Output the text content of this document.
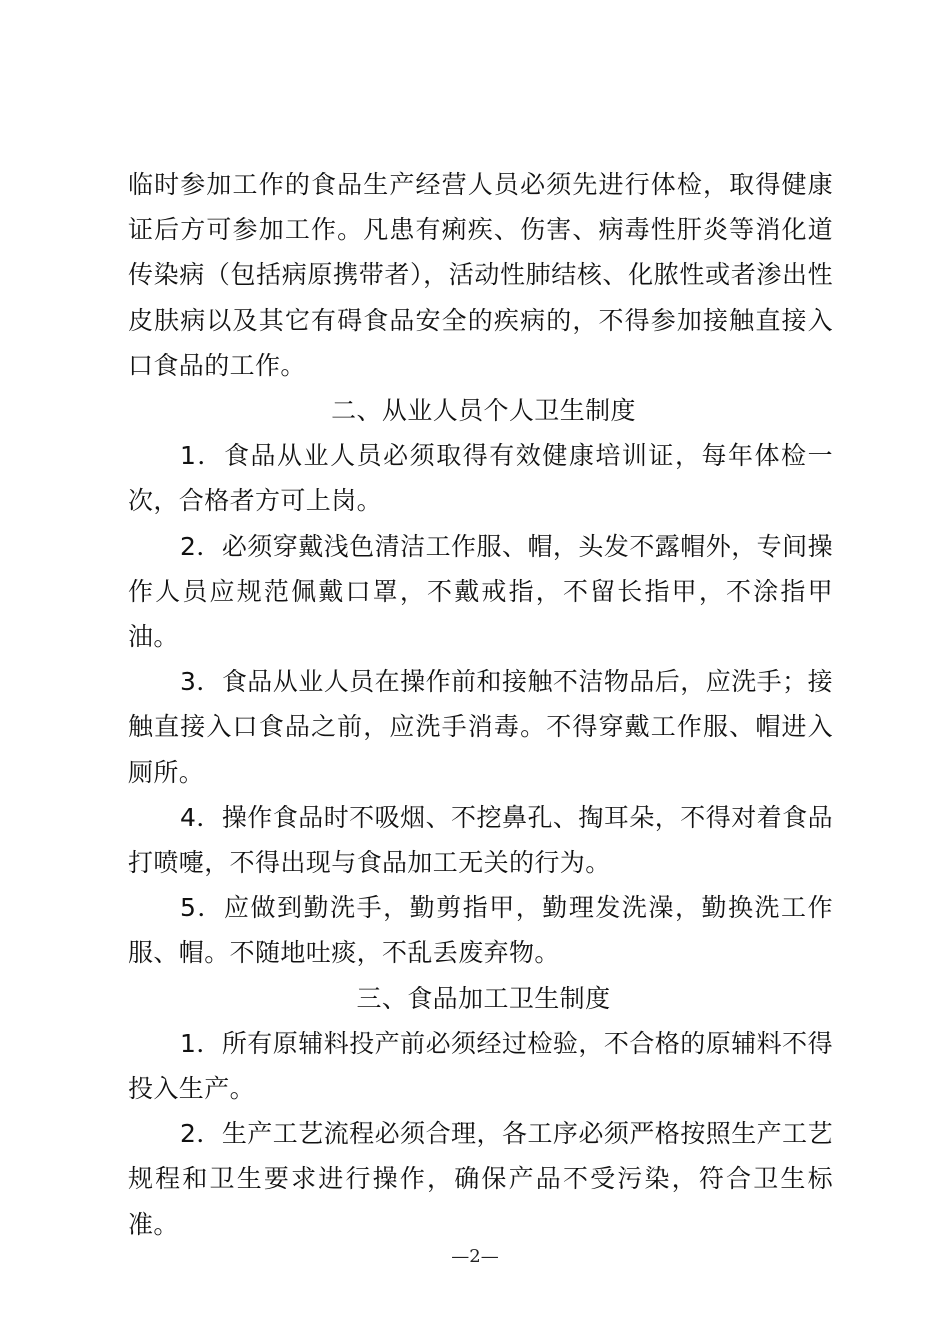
临时参加工作的食品生产经营人员必须先进行体检，取得健康证后方可参加工作。凡患有痢疾、伤害、病毒性肝炎等消化道传染病（包括病原携带者），活动性肺结核、化脓性或者渗出性皮肤病以及其它有碍食品安全的疾病的，不得参加接触直接入口食品的工作。

二、从业人员个人卫生制度

1．食品从业人员必须取得有效健康培训证，每年体检一次，合格者方可上岗。

2．必须穿戴浅色清洁工作服、帽，头发不露帽外，专间操作人员应规范佩戴口罩，不戴戒指，不留长指甲，不涂指甲油。

3．食品从业人员在操作前和接触不洁物品后，应洗手；接触直接入口食品之前，应洗手消毒。不得穿戴工作服、帽进入厕所。

4．操作食品时不吸烟、不挖鼻孔、掏耳朵，不得对着食品打喷嚏，不得出现与食品加工无关的行为。

5．应做到勤洗手，勤剪指甲，勤理发洗澡，勤换洗工作服、帽。不随地吐痰，不乱丢废弃物。

三、食品加工卫生制度

1．所有原辅料投产前必须经过检验，不合格的原辅料不得投入生产。

2．生产工艺流程必须合理，各工序必须严格按照生产工艺规程和卫生要求进行操作，确保产品不受污染，符合卫生标准。

—2—
